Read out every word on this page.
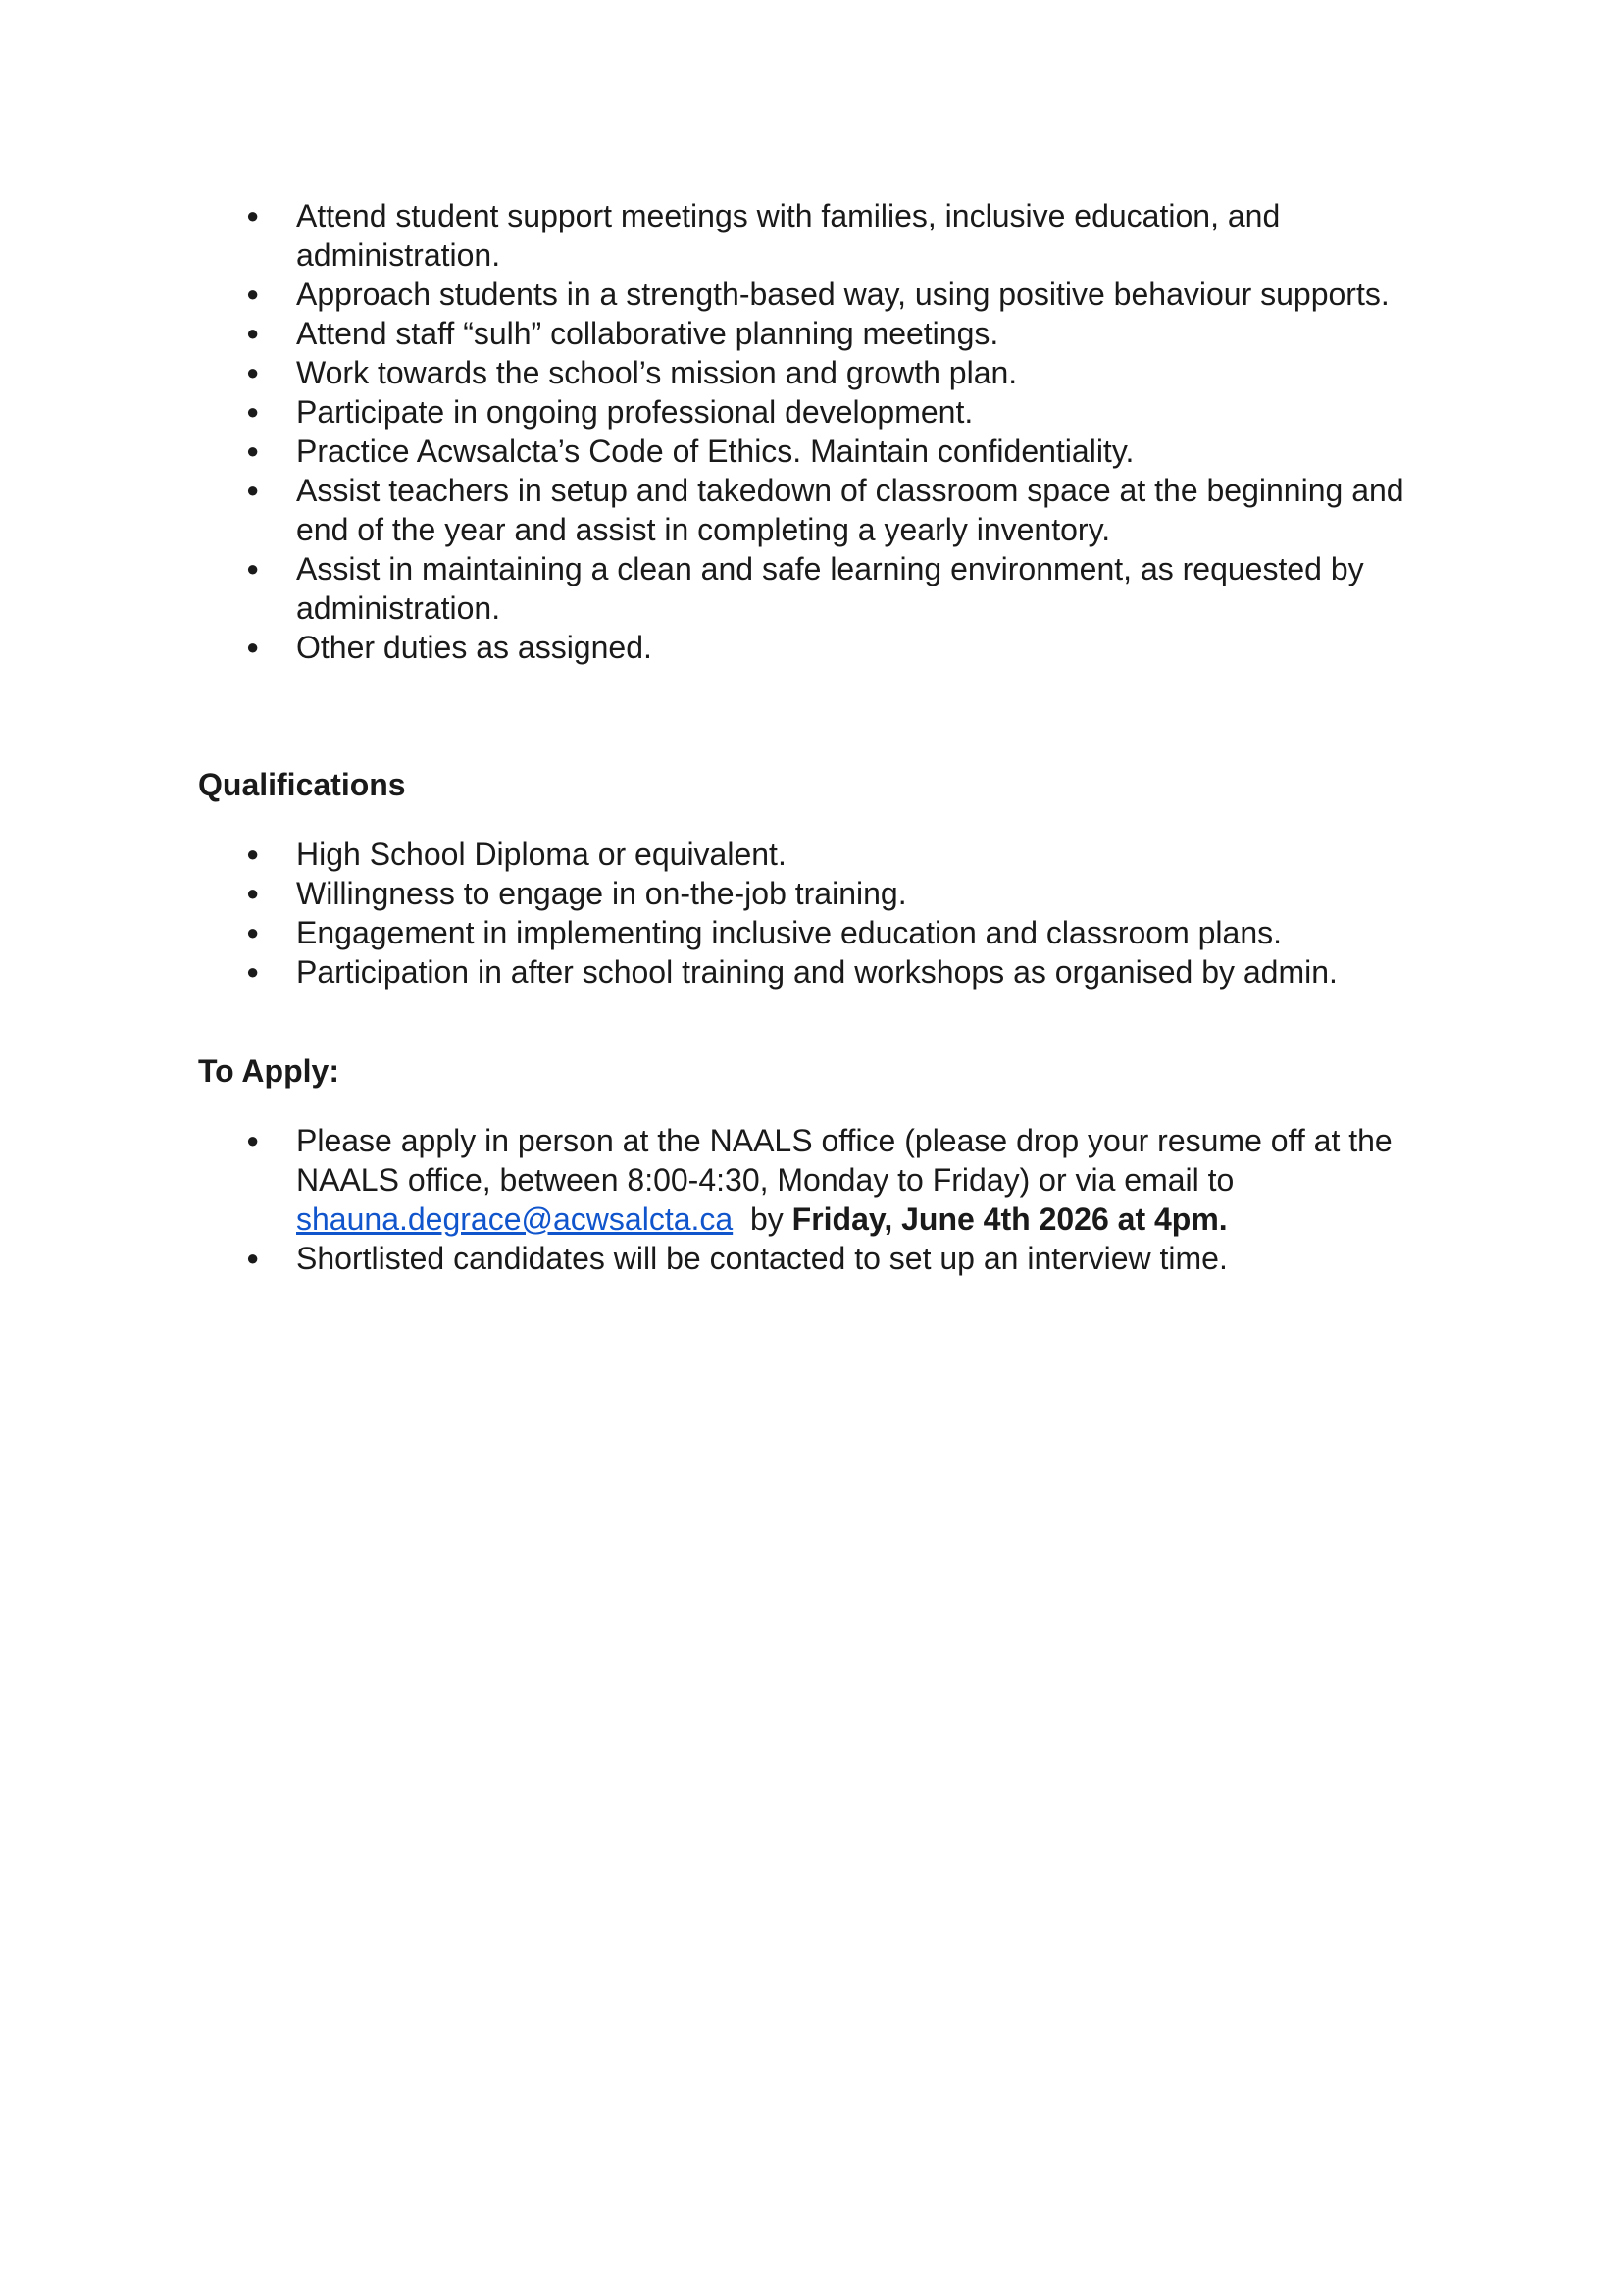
●	Attend student support meetings with families, inclusive education, and administration.
●	Approach students in a strength-based way, using positive behaviour supports.
●	Attend staff “sulh” collaborative planning meetings.
●	Work towards the school’s mission and growth plan.
●	Participate in ongoing professional development.
●	Practice Acwsalcta’s Code of Ethics. Maintain confidentiality.
●	Assist teachers in setup and takedown of classroom space at the beginning and end of the year and assist in completing a yearly inventory.
●	Assist in maintaining a clean and safe learning environment, as requested by administration.
●	Other duties as assigned.
Qualifications
●	High School Diploma or equivalent.
●	Willingness to engage in on-the-job training.
●	Engagement in implementing inclusive education and classroom plans.
●	Participation in after school training and workshops as organised by admin.
To Apply:
●	Please apply in person at the NAALS office (please drop your resume off at the NAALS office, between 8:00-4:30, Monday to Friday) or via email to shauna.degrace@acwsalcta.ca by Friday, June 4th 2026 at 4pm.
●	Shortlisted candidates will be contacted to set up an interview time.
